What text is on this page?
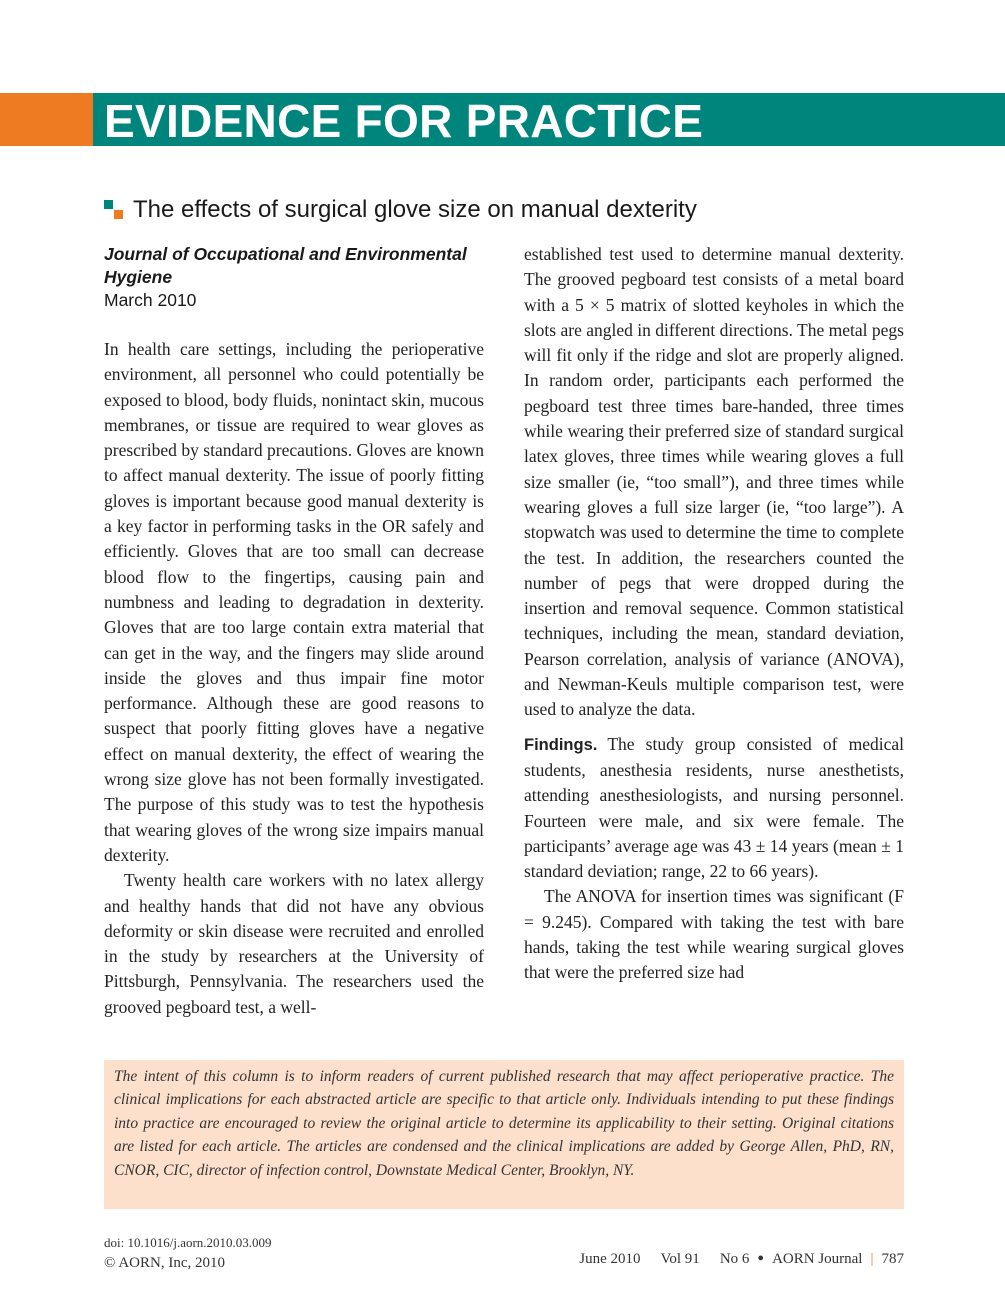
EVIDENCE FOR PRACTICE
The effects of surgical glove size on manual dexterity
Journal of Occupational and Environmental Hygiene
March 2010

In health care settings, including the perioperative environment, all personnel who could potentially be exposed to blood, body fluids, nonintact skin, mucous membranes, or tissue are required to wear gloves as prescribed by standard precautions. Gloves are known to affect manual dexterity. The issue of poorly fitting gloves is important because good manual dexterity is a key factor in performing tasks in the OR safely and efficiently. Gloves that are too small can decrease blood flow to the fingertips, causing pain and numbness and leading to degradation in dexterity. Gloves that are too large contain extra material that can get in the way, and the fingers may slide around inside the gloves and thus impair fine motor performance. Although these are good reasons to suspect that poorly fitting gloves have a negative effect on manual dexterity, the effect of wearing the wrong size glove has not been formally investigated. The purpose of this study was to test the hypothesis that wearing gloves of the wrong size impairs manual dexterity.

Twenty health care workers with no latex allergy and healthy hands that did not have any obvious deformity or skin disease were recruited and enrolled in the study by researchers at the University of Pittsburgh, Pennsylvania. The researchers used the grooved pegboard test, a well-

established test used to determine manual dexterity. The grooved pegboard test consists of a metal board with a 5 × 5 matrix of slotted keyholes in which the slots are angled in different directions. The metal pegs will fit only if the ridge and slot are properly aligned. In random order, participants each performed the pegboard test three times bare-handed, three times while wearing their preferred size of standard surgical latex gloves, three times while wearing gloves a full size smaller (ie, “too small”), and three times while wearing gloves a full size larger (ie, “too large”). A stopwatch was used to determine the time to complete the test. In addition, the researchers counted the number of pegs that were dropped during the insertion and removal sequence. Common statistical techniques, including the mean, standard deviation, Pearson correlation, analysis of variance (ANOVA), and Newman-Keuls multiple comparison test, were used to analyze the data.

Findings. The study group consisted of medical students, anesthesia residents, nurse anesthetists, attending anesthesiologists, and nursing personnel. Fourteen were male, and six were female. The participants’ average age was 43 ± 14 years (mean ± 1 standard deviation; range, 22 to 66 years).

The ANOVA for insertion times was significant (F = 9.245). Compared with taking the test with bare hands, taking the test while wearing surgical gloves that were the preferred size had

The intent of this column is to inform readers of current published research that may affect perioperative practice. The clinical implications for each abstracted article are specific to that article only. Individuals intending to put these findings into practice are encouraged to review the original article to determine its applicability to their setting. Original citations are listed for each article. The articles are condensed and the clinical implications are added by George Allen, PhD, RN, CNOR, CIC, director of infection control, Downstate Medical Center, Brooklyn, NY.
doi: 10.1016/j.aorn.2010.03.009
© AORN, Inc, 2010	June 2010 Vol 91 No 6 ● AORN Journal | 787
